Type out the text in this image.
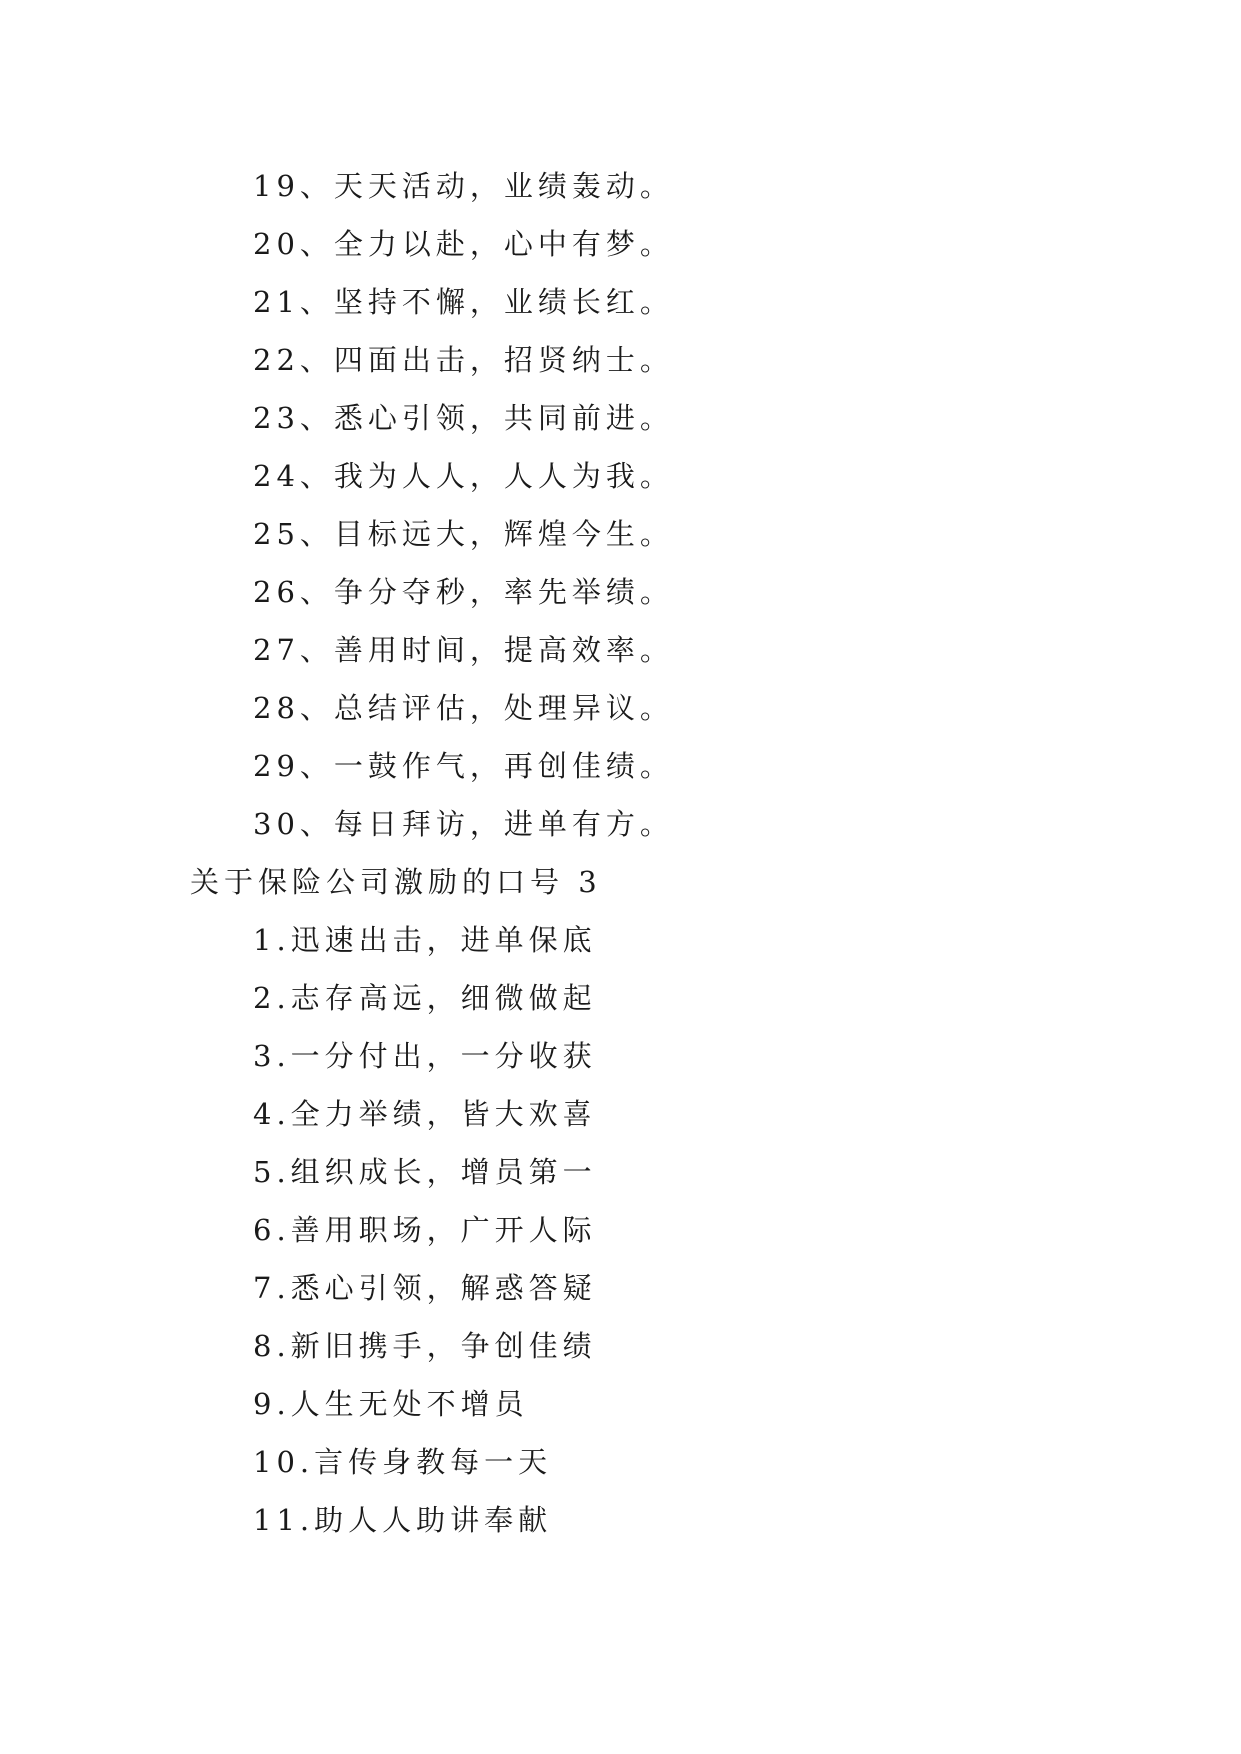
19、天天活动，业绩轰动。
20、全力以赴，心中有梦。
21、坚持不懈，业绩长红。
22、四面出击，招贤纳士。
23、悉心引领，共同前进。
24、我为人人，人人为我。
25、目标远大，辉煌今生。
26、争分夺秒，率先举绩。
27、善用时间，提高效率。
28、总结评估，处理异议。
29、一鼓作气，再创佳绩。
30、每日拜访，进单有方。
关于保险公司激励的口号 3
1.迅速出击，进单保底
2.志存高远，细微做起
3.一分付出，一分收获
4.全力举绩，皆大欢喜
5.组织成长，增员第一
6.善用职场，广开人际
7.悉心引领，解惑答疑
8.新旧携手，争创佳绩
9.人生无处不增员
10.言传身教每一天
11.助人人助讲奉献
